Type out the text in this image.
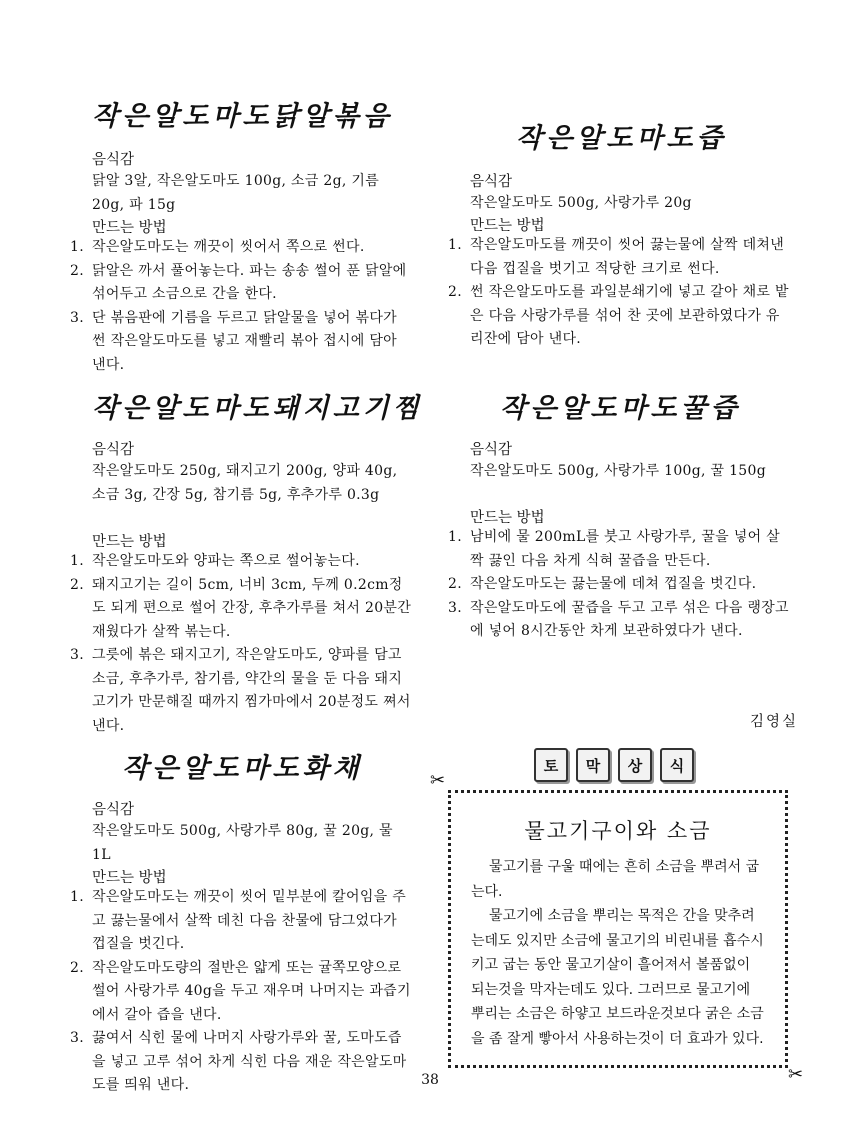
작은알도마도닭알볶음
음식감
닭알 3알, 작은알도마도 100g, 소금 2g, 기름 20g, 파 15g
만드는 방법
1. 작은알도마도는 깨끗이 씻어서 쪽으로 썬다.
2. 닭알은 까서 풀어놓는다. 파는 송송 썰어 푼 닭알에 섞어두고 소금으로 간을 한다.
3. 단 볶음판에 기름을 두르고 닭알물을 넣어 볶다가 썬 작은알도마도를 넣고 재빨리 볶아 접시에 담아 낸다.
작은알도마도돼지고기찜
음식감
작은알도마도 250g, 돼지고기 200g, 양파 40g, 소금 3g, 간장 5g, 참기름 5g, 후추가루 0.3g
만드는 방법
1. 작은알도마도와 양파는 쪽으로 썰어놓는다.
2. 돼지고기는 길이 5cm, 너비 3cm, 두께 0.2cm정도 되게 편으로 썰어 간장, 후추가루를 쳐서 20분간 재웠다가 살짝 볶는다.
3. 그릇에 볶은 돼지고기, 작은알도마도, 양파를 담고 소금, 후추가루, 참기름, 약간의 물을 둔 다음 돼지고기가 만문해질 때까지 찜가마에서 20분정도 쪄서 낸다.
작은알도마도화채
음식감
작은알도마도 500g, 사랑가루 80g, 꿀 20g, 물 1L
만드는 방법
1. 작은알도마도는 깨끗이 씻어 밑부분에 칼어임을 주고 끓는물에서 살짝 데친 다음 찬물에 담그었다가 껍질을 벗긴다.
2. 작은알도마도량의 절반은 얇게 또는 귤쪽모양으로 썰어 사랑가루 40g을 두고 재우며 나머지는 과즙기에서 갈아 즙을 낸다.
3. 끓여서 식힌 물에 나머지 사랑가루와 꿀, 도마도즙을 넣고 고루 섞어 차게 식힌 다음 재운 작은알도마도를 띄워 낸다.
작은알도마도즙
음식감
작은알도마도 500g, 사랑가루 20g
만드는 방법
1. 작은알도마도를 깨끗이 씻어 끓는물에 살짝 데쳐낸 다음 껍질을 벗기고 적당한 크기로 썬다.
2. 썬 작은알도마도를 과일분쇄기에 넣고 갈아 채로 밭은 다음 사랑가루를 섞어 찬 곳에 보관하였다가 유리잔에 담아 낸다.
작은알도마도꿀즙
음식감
작은알도마도 500g, 사랑가루 100g, 꿀 150g
만드는 방법
1. 남비에 물 200mL를 붓고 사랑가루, 꿀을 넣어 살짝 끓인 다음 차게 식혀 꿀즙을 만든다.
2. 작은알도마도는 끓는물에 데쳐 껍질을 벗긴다.
3. 작은알도마도에 꿀즙을 두고 고루 섞은 다음 랭장고에 넣어 8시간동안 차게 보관하였다가 낸다.
김영실
토	막	상	식
✂
✂
물고기구이와 소금

물고기를 구울 때에는 흔히 소금을 뿌려서 굽는다.

물고기에 소금을 뿌리는 목적은 간을 맞추려는데도 있지만 소금에 물고기의 비린내를 흡수시키고 굽는 동안 물고기살이 흘어져서 볼품없이 되는것을 막자는데도 있다. 그러므로 물고기에 뿌리는 소금은 하얗고 보드라운것보다 굵은 소금을 좀 잘게 빻아서 사용하는것이 더 효과가 있다.

38
